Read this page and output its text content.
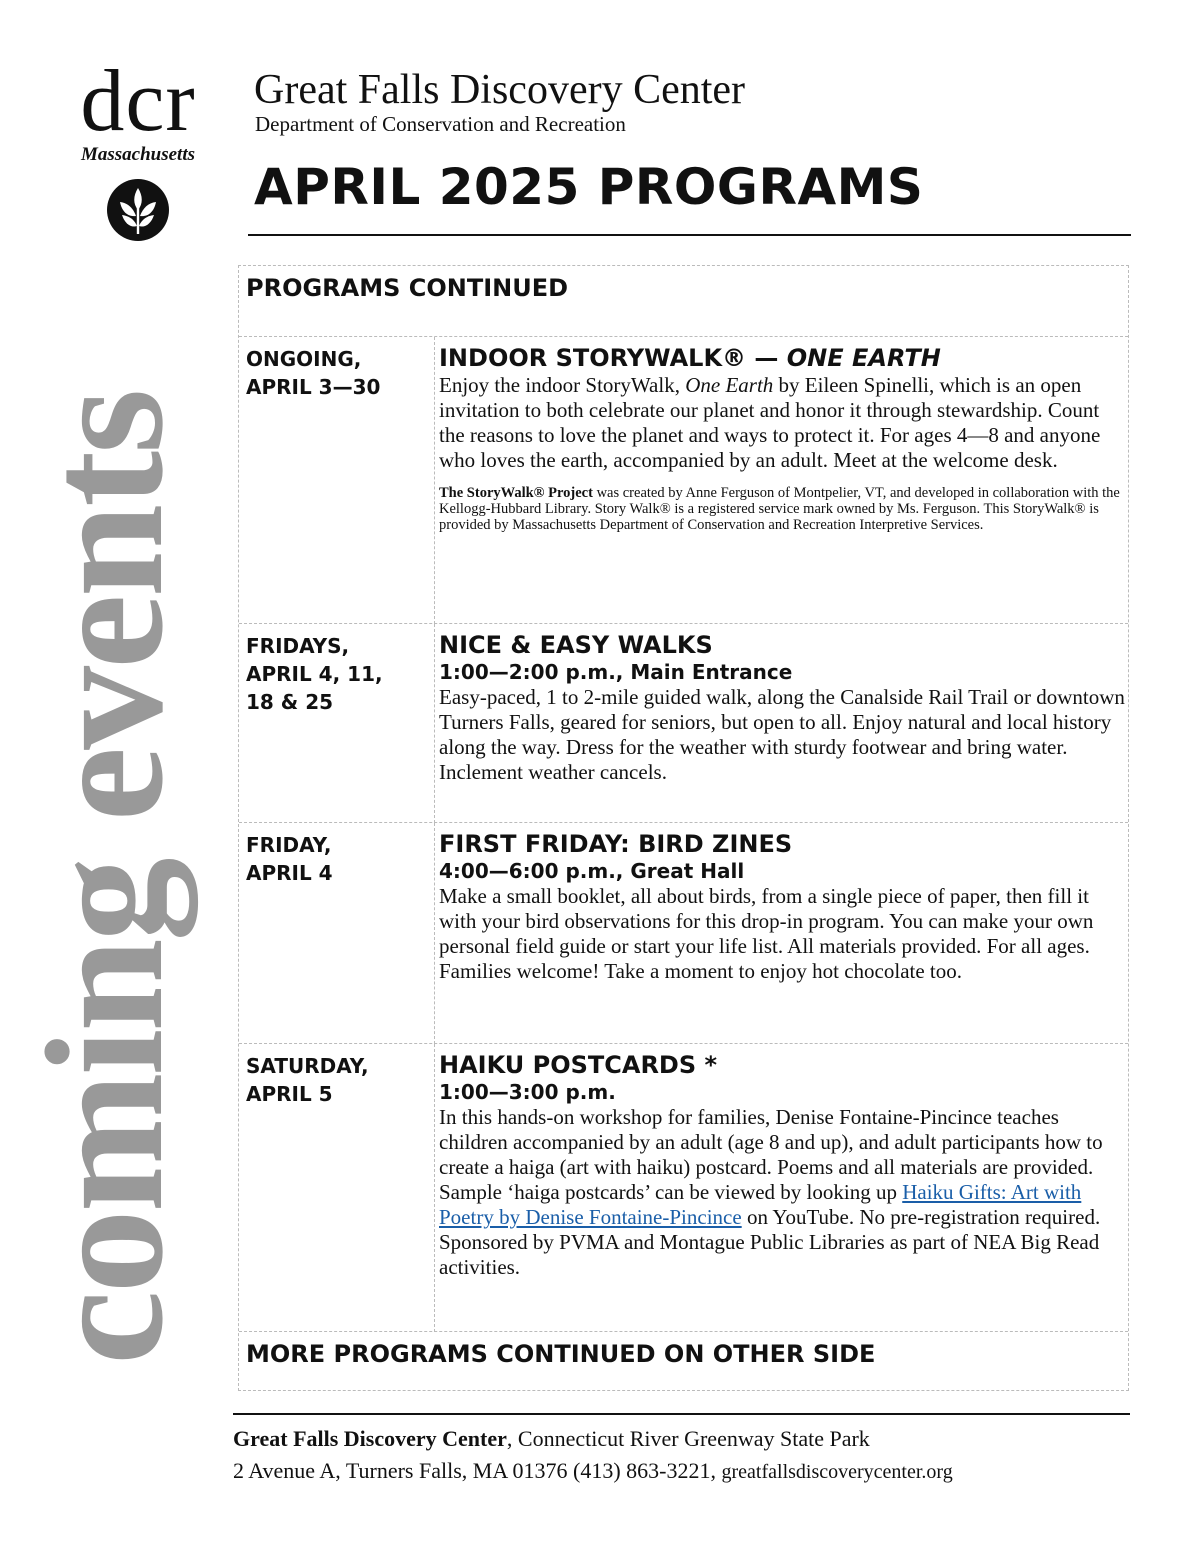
dcr
Massachusetts
coming events
Great Falls Discovery Center
Department of Conservation and Recreation
APRIL 2025 PROGRAMS
PROGRAMS CONTINUED
ONGOING,
APRIL 3—30
INDOOR STORYWALK® — ONE EARTH
Enjoy the indoor StoryWalk, One Earth by Eileen Spinelli, which is an open invitation to both celebrate our planet and honor it through stewardship. Count the reasons to love the planet and ways to protect it. For ages 4—8 and anyone who loves the earth, accompanied by an adult. Meet at the welcome desk.
The StoryWalk® Project was created by Anne Ferguson of Montpelier, VT, and developed in collaboration with the Kellogg-Hubbard Library. Story Walk® is a registered service mark owned by Ms. Ferguson. This StoryWalk® is provided by Massachusetts Department of Conservation and Recreation Interpretive Services.
FRIDAYS,
APRIL 4, 11,
18 & 25
NICE & EASY WALKS
1:00—2:00 p.m., Main Entrance
Easy-paced, 1 to 2-mile guided walk, along the Canalside Rail Trail or downtown Turners Falls, geared for seniors, but open to all. Enjoy natural and local history along the way. Dress for the weather with sturdy footwear and bring water. Inclement weather cancels.
FRIDAY,
APRIL 4
FIRST FRIDAY: BIRD ZINES
4:00—6:00 p.m., Great Hall
Make a small booklet, all about birds, from a single piece of paper, then fill it with your bird observations for this drop-in program. You can make your own personal field guide or start your life list. All materials provided. For all ages. Families welcome! Take a moment to enjoy hot chocolate too.
SATURDAY,
APRIL 5
HAIKU POSTCARDS *
1:00—3:00 p.m.
In this hands-on workshop for families, Denise Fontaine-Pincince teaches children accompanied by an adult (age 8 and up), and adult participants how to create a haiga (art with haiku) postcard. Poems and all materials are provided. Sample ‘haiga postcards’ can be viewed by looking up Haiku Gifts: Art with Poetry by Denise Fontaine-Pincince on YouTube. No pre-registration required. Sponsored by PVMA and Montague Public Libraries as part of NEA Big Read activities.
MORE PROGRAMS CONTINUED ON OTHER SIDE
Great Falls Discovery Center, Connecticut River Greenway State Park
2 Avenue A, Turners Falls, MA 01376 (413) 863-3221, greatfallsdiscoverycenter.org
